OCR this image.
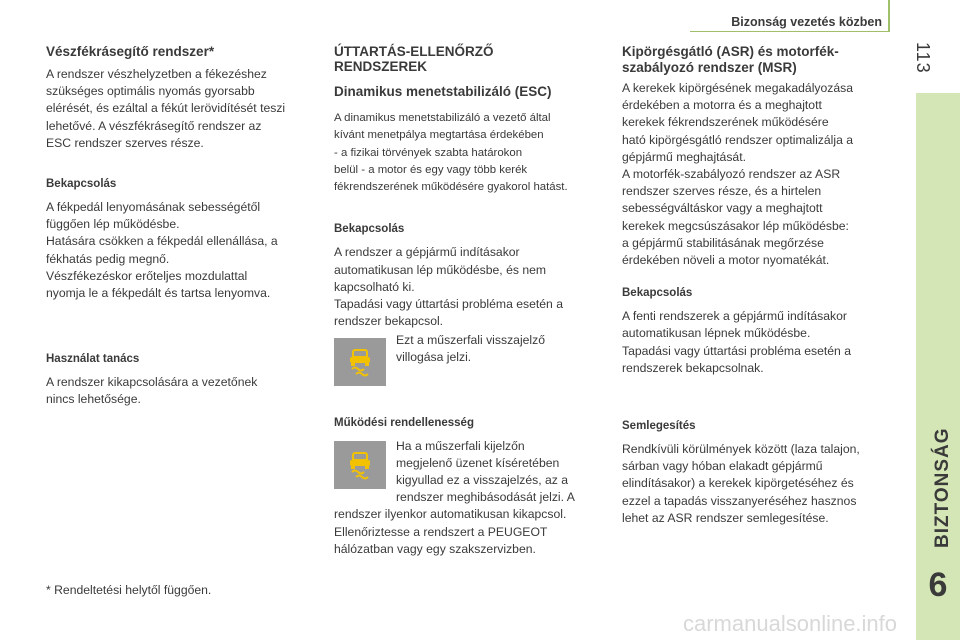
Bizonság vezetés közben
113
BIZTONSÁG
6
Vészfékrásegítő rendszer*

A rendszer vészhelyzetben a fékezéshez
szükséges optimális nyomás gyorsabb
elérését, és ezáltal a fékút lerövidítését teszi
lehetővé. A vészfékrásegítő rendszer az
ESC rendszer szerves része.

Bekapcsolás

A fékpedál lenyomásának sebességétől
függően lép működésbe.
Hatására csökken a fékpedál ellenállása, a
fékhatás pedig megnő.
Vészfékezéskor erőteljes mozdulattal
nyomja le a fékpedált és tartsa lenyomva.

Használat tanács

A rendszer kikapcsolására a vezetőnek
nincs lehetősége.

* Rendeltetési helytől függően.

ÚTTARTÁS-ELLENŐRZŐ
RENDSZEREK
Dinamikus menetstabilizáló (ESC)

A dinamikus menetstabilizáló a vezető által
kívánt menetpálya megtartása érdekében
- a fizikai törvények szabta határokon
belül - a motor és egy vagy több kerék
fékrendszerének működésére gyakorol hatást.

Bekapcsolás

A rendszer a gépjármű indításakor
automatikusan lép működésbe, és nem
kapcsolható ki.
Tapadási vagy úttartási probléma esetén a
rendszer bekapcsol.

Ezt a műszerfali visszajelző
villogása jelzi.

Működési rendellenesség

Ha a műszerfali kijelzőn
megjelenő üzenet kíséretében
kigyullad ez a visszajelzés, az a
rendszer meghibásodását jelzi. A

rendszer ilyenkor automatikusan kikapcsol.
Ellenőriztesse a rendszert a PEUGEOT
hálózatban vagy egy szakszervizben.

Kipörgésgátló (ASR) és motorfék-
szabályozó rendszer (MSR)

A kerekek kipörgésének megakadályozása
érdekében a motorra és a meghajtott
kerekek fékrendszerének működésére
ható kipörgésgátló rendszer optimalizálja a
gépjármű meghajtását.
A motorfék-szabályozó rendszer az ASR
rendszer szerves része, és a hirtelen
sebességváltáskor vagy a meghajtott
kerekek megcsúszásakor lép működésbe:
a gépjármű stabilitásának megőrzése
érdekében növeli a motor nyomatékát.

Bekapcsolás

A fenti rendszerek a gépjármű indításakor
automatikusan lépnek működésbe.
Tapadási vagy úttartási probléma esetén a
rendszerek bekapcsolnak.

Semlegesítés

Rendkívüli körülmények között (laza talajon,
sárban vagy hóban elakadt gépjármű
elindításakor) a kerekek kipörgetéséhez és
ezzel a tapadás visszanyeréséhez hasznos
lehet az ASR rendszer semlegesítése.

carmanualsonline.info
